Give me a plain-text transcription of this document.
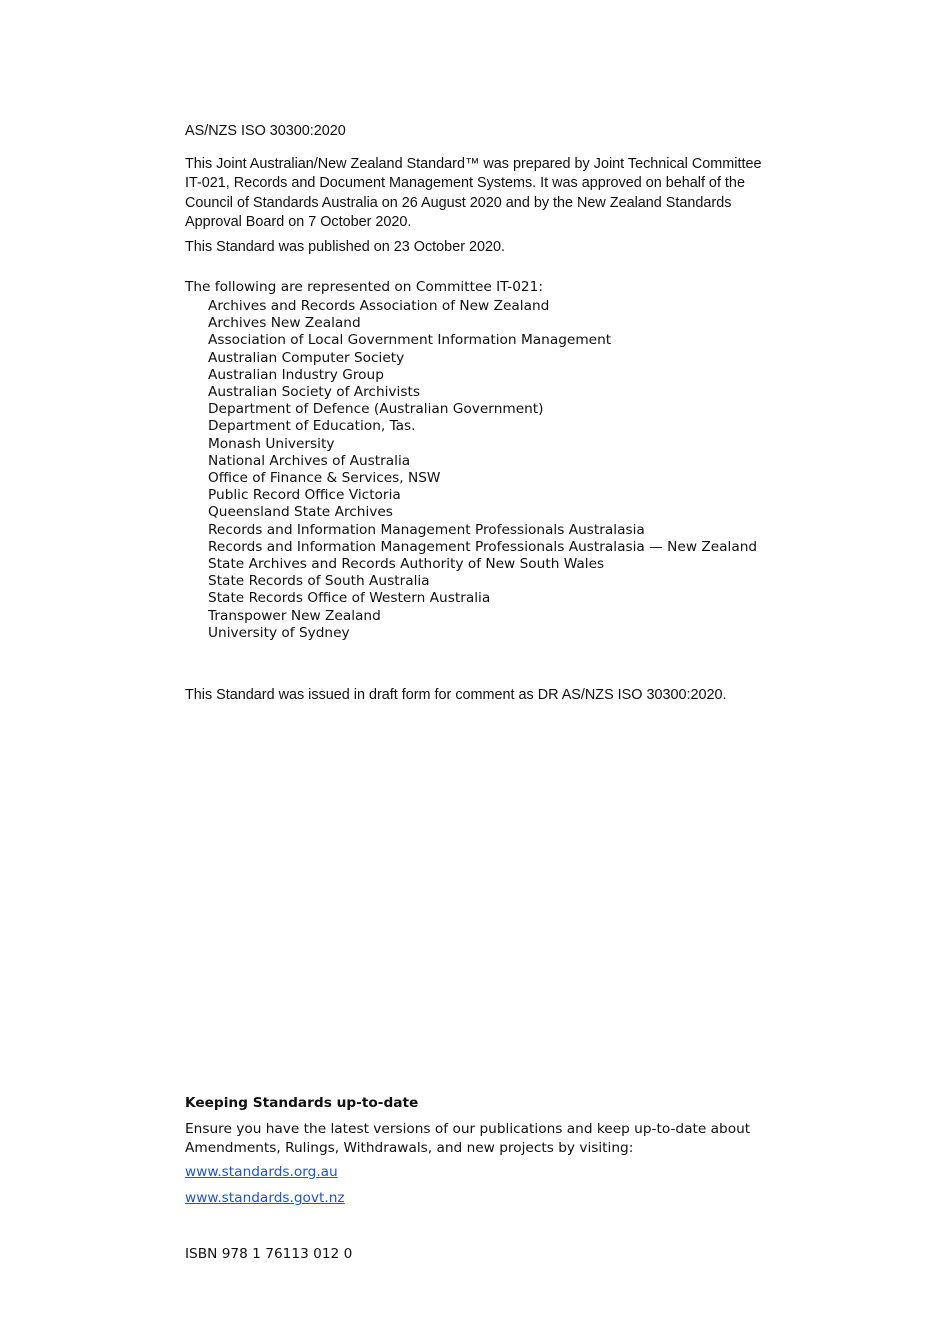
AS/NZS ISO 30300:2020
This Joint Australian/New Zealand Standard™ was prepared by Joint Technical Committee IT-021, Records and Document Management Systems. It was approved on behalf of the Council of Standards Australia on 26 August 2020 and by the New Zealand Standards Approval Board on 7 October 2020.
This Standard was published on 23 October 2020.
The following are represented on Committee IT-021:
Archives and Records Association of New Zealand
Archives New Zealand
Association of Local Government Information Management
Australian Computer Society
Australian Industry Group
Australian Society of Archivists
Department of Defence (Australian Government)
Department of Education, Tas.
Monash University
National Archives of Australia
Office of Finance & Services, NSW
Public Record Office Victoria
Queensland State Archives
Records and Information Management Professionals Australasia
Records and Information Management Professionals Australasia — New Zealand
State Archives and Records Authority of New South Wales
State Records of South Australia
State Records Office of Western Australia
Transpower New Zealand
University of Sydney
This Standard was issued in draft form for comment as DR AS/NZS ISO 30300:2020.
Keeping Standards up-to-date
Ensure you have the latest versions of our publications and keep up-to-date about Amendments, Rulings, Withdrawals, and new projects by visiting:
www.standards.org.au
www.standards.govt.nz
ISBN 978 1 76113 012 0
